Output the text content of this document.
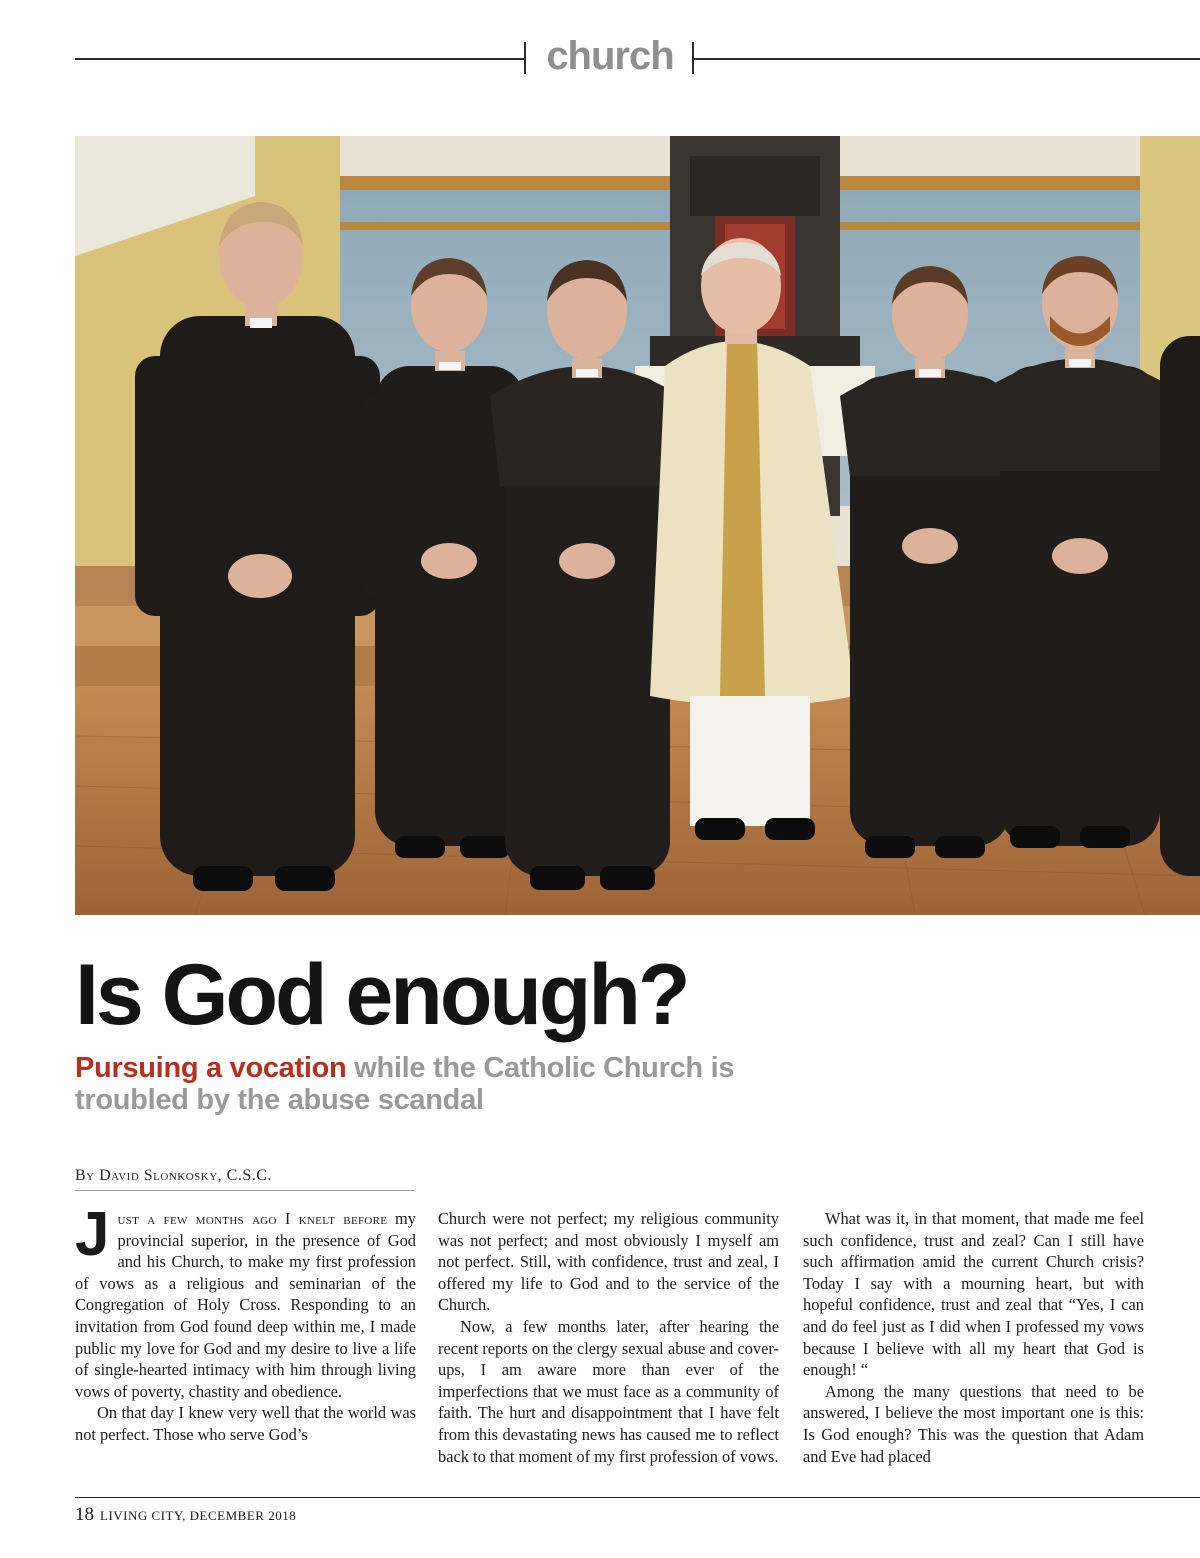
church
Is God enough?

Pursuing a vocation while the Catholic Church is troubled by the abuse scandal

By David Slonkosky, C.S.C.

Just a few months ago I knelt before my provincial superior, in the presence of God and his Church, to make my first profession of vows as a religious and seminarian of the Congregation of Holy Cross. Responding to an invitation from God found deep within me, I made public my love for God and my desire to live a life of single-hearted intimacy with him through living vows of poverty, chastity and obedience.

On that day I knew very well that the world was not perfect. Those who serve God’s

Church were not perfect; my religious community was not perfect; and most obviously I myself am not perfect. Still, with confidence, trust and zeal, I offered my life to God and to the service of the Church.

Now, a few months later, after hearing the recent reports on the clergy sexual abuse and cover-ups, I am aware more than ever of the imperfections that we must face as a community of faith. The hurt and disappointment that I have felt from this devastating news has caused me to reflect back to that moment of my first profession of vows.

What was it, in that moment, that made me feel such confidence, trust and zeal? Can I still have such affirmation amid the current Church crisis? Today I say with a mourning heart, but with hopeful confidence, trust and zeal that “Yes, I can and do feel just as I did when I professed my vows because I believe with all my heart that God is enough! “

Among the many questions that need to be answered, I believe the most important one is this: Is God enough? This was the question that Adam and Eve had placed

18 LIVING CITY, DECEMBER 2018
